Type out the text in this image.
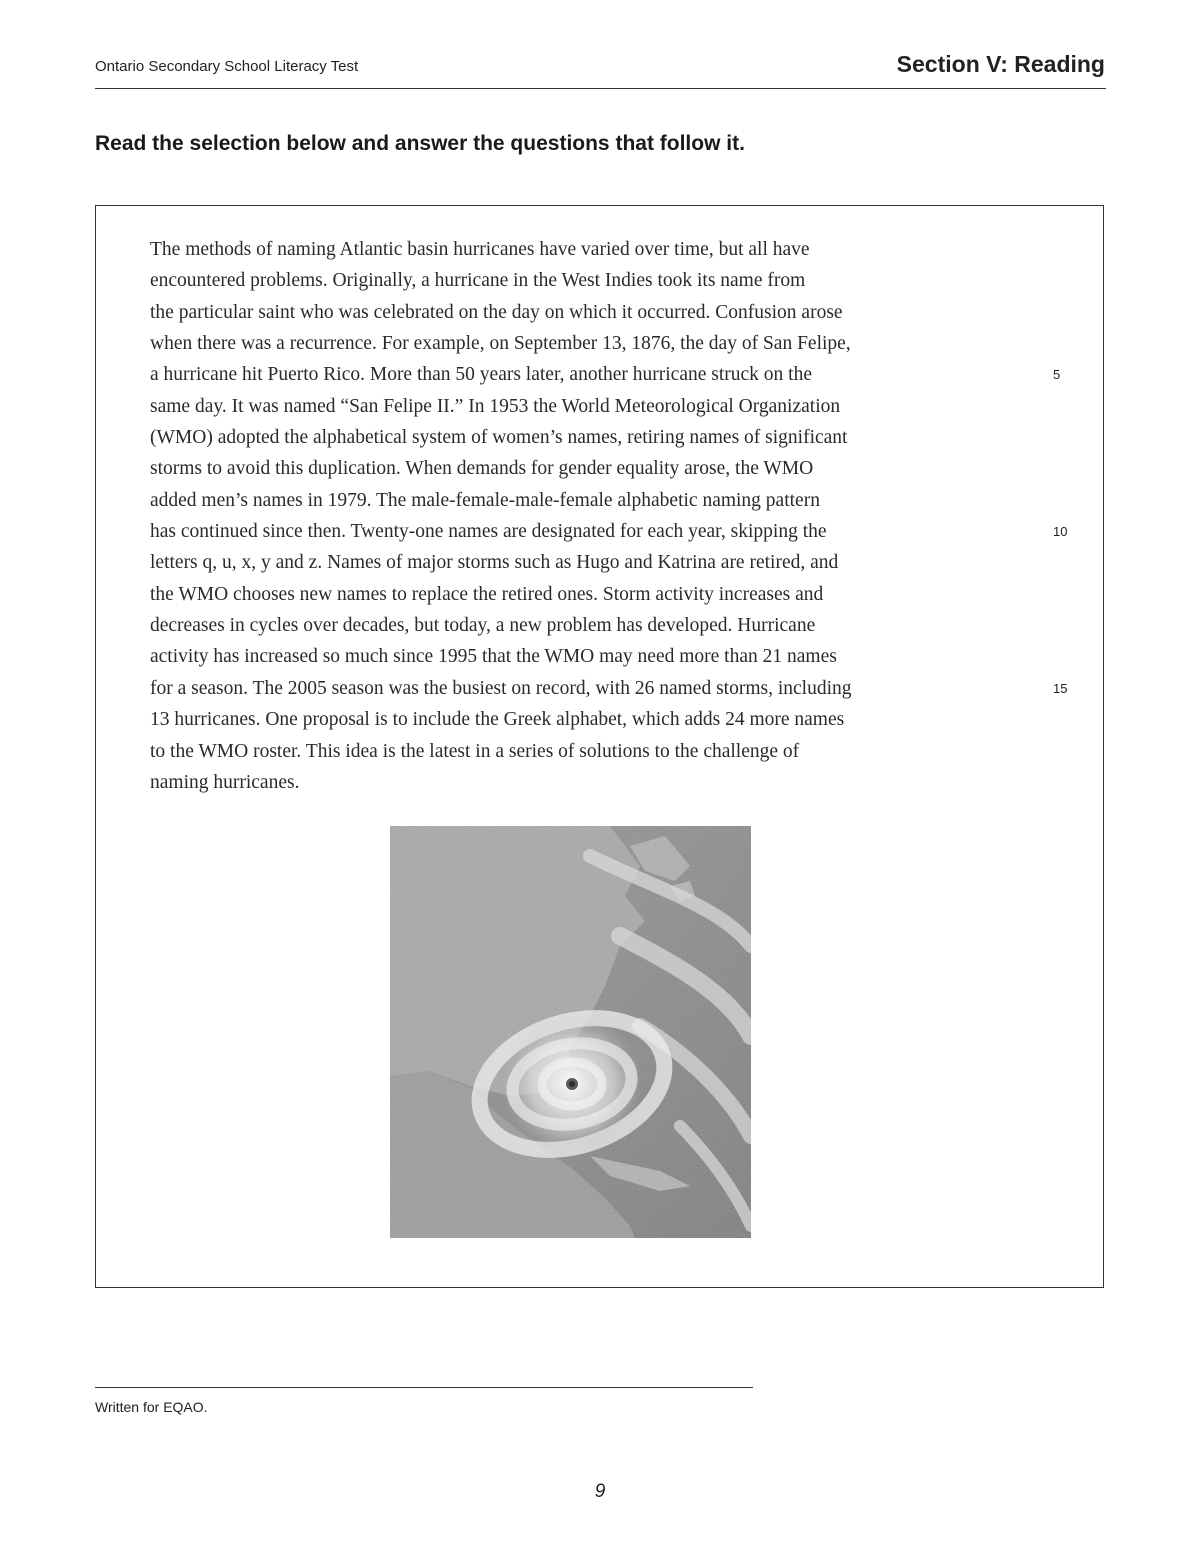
Ontario Secondary School Literacy Test	Section V: Reading
Read the selection below and answer the questions that follow it.
The methods of naming Atlantic basin hurricanes have varied over time, but all have
encountered problems. Originally, a hurricane in the West Indies took its name from
the particular saint who was celebrated on the day on which it occurred. Confusion arose
when there was a recurrence. For example, on September 13, 1876, the day of San Felipe,
a hurricane hit Puerto Rico. More than 50 years later, another hurricane struck on the	5
same day. It was named “San Felipe II.” In 1953 the World Meteorological Organization
(WMO) adopted the alphabetical system of women’s names, retiring names of significant
storms to avoid this duplication. When demands for gender equality arose, the WMO
added men’s names in 1979. The male-female-male-female alphabetic naming pattern
has continued since then. Twenty-one names are designated for each year, skipping the	10
letters q, u, x, y and z. Names of major storms such as Hugo and Katrina are retired, and
the WMO chooses new names to replace the retired ones. Storm activity increases and
decreases in cycles over decades, but today, a new problem has developed. Hurricane
activity has increased so much since 1995 that the WMO may need more than 21 names
for a season. The 2005 season was the busiest on record, with 26 named storms, including	15
13 hurricanes. One proposal is to include the Greek alphabet, which adds 24 more names
to the WMO roster. This idea is the latest in a series of solutions to the challenge of
naming hurricanes.
Written for EQAO.
9
